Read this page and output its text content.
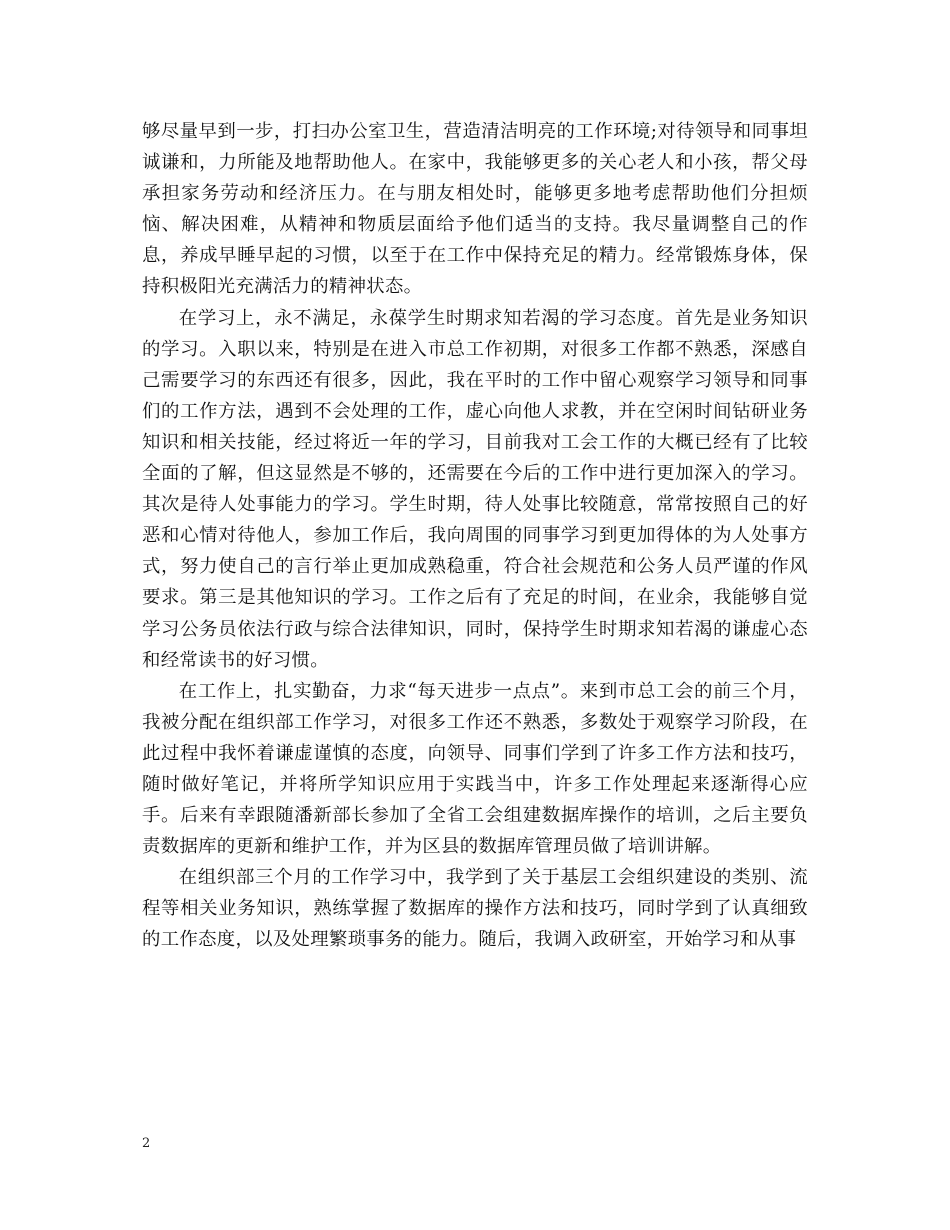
够尽量早到一步，打扫办公室卫生，营造清洁明亮的工作环境;对待领导和同事坦诚谦和，力所能及地帮助他人。在家中，我能够更多的关心老人和小孩，帮父母承担家务劳动和经济压力。在与朋友相处时，能够更多地考虑帮助他们分担烦恼、解决困难，从精神和物质层面给予他们适当的支持。我尽量调整自己的作息，养成早睡早起的习惯，以至于在工作中保持充足的精力。经常锻炼身体，保持积极阳光充满活力的精神状态。

在学习上，永不满足，永葆学生时期求知若渴的学习态度。首先是业务知识的学习。入职以来，特别是在进入市总工作初期，对很多工作都不熟悉，深感自己需要学习的东西还有很多，因此，我在平时的工作中留心观察学习领导和同事们的工作方法，遇到不会处理的工作，虚心向他人求教，并在空闲时间钻研业务知识和相关技能，经过将近一年的学习，目前我对工会工作的大概已经有了比较全面的了解，但这显然是不够的，还需要在今后的工作中进行更加深入的学习。其次是待人处事能力的学习。学生时期，待人处事比较随意，常常按照自己的好恶和心情对待他人，参加工作后，我向周围的同事学习到更加得体的为人处事方式，努力使自己的言行举止更加成熟稳重，符合社会规范和公务人员严谨的作风要求。第三是其他知识的学习。工作之后有了充足的时间，在业余，我能够自觉学习公务员依法行政与综合法律知识，同时，保持学生时期求知若渴的谦虚心态和经常读书的好习惯。

在工作上，扎实勤奋，力求“每天进步一点点”。来到市总工会的前三个月，我被分配在组织部工作学习，对很多工作还不熟悉，多数处于观察学习阶段，在此过程中我怀着谦虚谨慎的态度，向领导、同事们学到了许多工作方法和技巧，随时做好笔记，并将所学知识应用于实践当中，许多工作处理起来逐渐得心应手。后来有幸跟随潘新部长参加了全省工会组建数据库操作的培训，之后主要负责数据库的更新和维护工作，并为区县的数据库管理员做了培训讲解。

在组织部三个月的工作学习中，我学到了关于基层工会组织建设的类别、流程等相关业务知识，熟练掌握了数据库的操作方法和技巧，同时学到了认真细致的工作态度，以及处理繁琐事务的能力。随后，我调入政研室，开始学习和从事

2
